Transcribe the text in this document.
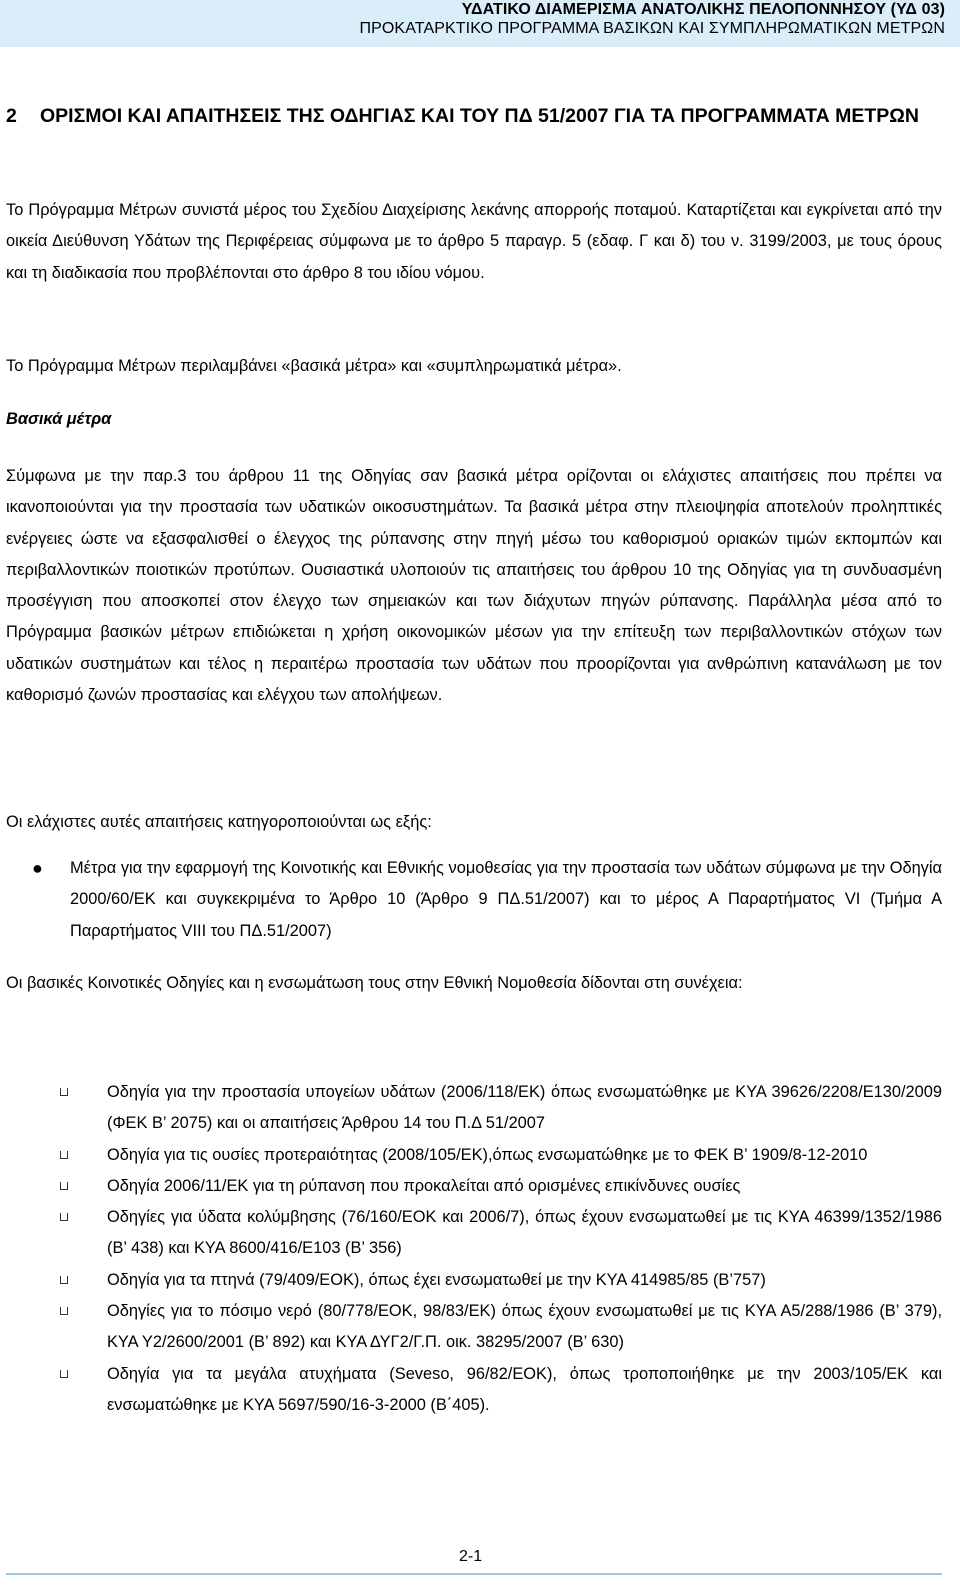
ΥΔΑΤΙΚΟ ΔΙΑΜΕΡΙΣΜΑ ΑΝΑΤΟΛΙΚΗΣ ΠΕΛΟΠΟΝΝΗΣΟΥ (ΥΔ 03)
ΠΡΟΚΑΤΑΡΚΤΙΚΟ ΠΡΟΓΡΑΜΜΑ ΒΑΣΙΚΩΝ ΚΑΙ ΣΥΜΠΛΗΡΩΜΑΤΙΚΩΝ ΜΕΤΡΩΝ
2 ΟΡΙΣΜΟΙ ΚΑΙ ΑΠΑΙΤΗΣΕΙΣ ΤΗΣ ΟΔΗΓΙΑΣ ΚΑΙ ΤΟΥ ΠΔ 51/2007 ΓΙΑ ΤΑ ΠΡΟΓΡΑΜΜΑΤΑ ΜΕΤΡΩΝ
Το Πρόγραμμα Μέτρων συνιστά μέρος του Σχεδίου Διαχείρισης λεκάνης απορροής ποταμού. Καταρτίζεται και εγκρίνεται από την οικεία Διεύθυνση Υδάτων της Περιφέρειας σύμφωνα με το άρθρο 5 παραγρ. 5 (εδαφ. Γ και δ) του ν. 3199/2003, με τους όρους και τη διαδικασία που προβλέπονται στο άρθρο 8 του ιδίου νόμου.
Το Πρόγραμμα Μέτρων περιλαμβάνει «βασικά μέτρα» και «συμπληρωματικά μέτρα».
Βασικά μέτρα
Σύμφωνα με την παρ.3 του άρθρου 11 της Οδηγίας σαν βασικά μέτρα ορίζονται οι ελάχιστες απαιτήσεις που πρέπει να ικανοποιούνται για την προστασία των υδατικών οικοσυστημάτων. Τα βασικά μέτρα στην πλειοψηφία αποτελούν προληπτικές ενέργειες ώστε να εξασφαλισθεί ο έλεγχος της ρύπανσης στην πηγή μέσω του καθορισμού οριακών τιμών εκπομπών και περιβαλλοντικών ποιοτικών προτύπων. Ουσιαστικά υλοποιούν τις απαιτήσεις του άρθρου 10 της Οδηγίας για τη συνδυασμένη προσέγγιση που αποσκοπεί στον έλεγχο των σημειακών και των διάχυτων πηγών ρύπανσης. Παράλληλα μέσα από το Πρόγραμμα βασικών μέτρων επιδιώκεται η χρήση οικονομικών μέσων για την επίτευξη των περιβαλλοντικών στόχων των υδατικών συστημάτων και τέλος η περαιτέρω προστασία των υδάτων που προορίζονται για ανθρώπινη κατανάλωση με τον καθορισμό ζωνών προστασίας και ελέγχου των απολήψεων.
Οι ελάχιστες αυτές απαιτήσεις κατηγοροποιούνται ως εξής:
● Μέτρα για την εφαρμογή της Κοινοτικής και Εθνικής νομοθεσίας για την προστασία των υδάτων σύμφωνα με την Οδηγία 2000/60/ΕΚ και συγκεκριμένα το Άρθρο 10 (Άρθρο 9 ΠΔ.51/2007) και το μέρος Α Παραρτήματος VI (Τμήμα Α Παραρτήματος VIII του ΠΔ.51/2007)
Οι βασικές Κοινοτικές Οδηγίες και η ενσωμάτωση τους στην Εθνική Νομοθεσία δίδονται στη συνέχεια:
Οδηγία για την προστασία υπογείων υδάτων (2006/118/ΕΚ) όπως ενσωματώθηκε με ΚΥΑ 39626/2208/Ε130/2009 (ΦΕΚ Β’ 2075) και οι απαιτήσεις Άρθρου 14 του Π.Δ 51/2007
Οδηγία για τις ουσίες προτεραιότητας (2008/105/ΕΚ),όπως ενσωματώθηκε με το ΦΕΚ Β’ 1909/8-12-2010
Οδηγία 2006/11/ΕΚ για τη ρύπανση που προκαλείται από ορισμένες επικίνδυνες ουσίες
Οδηγίες για ύδατα κολύμβησης (76/160/ΕΟΚ και 2006/7), όπως έχουν ενσωματωθεί με τις ΚΥΑ 46399/1352/1986 (Β’ 438) και ΚΥΑ 8600/416/Ε103 (Β’ 356)
Οδηγία για τα πτηνά (79/409/ΕΟΚ), όπως έχει ενσωματωθεί με την ΚΥΑ 414985/85 (Β’757)
Οδηγίες για το πόσιμο νερό (80/778/ΕΟΚ, 98/83/ΕΚ) όπως έχουν ενσωματωθεί με τις ΚΥΑ Α5/288/1986 (Β’ 379), ΚΥΑ Υ2/2600/2001 (Β’ 892) και ΚΥΑ ΔΥΓ2/Γ.Π. οικ. 38295/2007 (Β’ 630)
Οδηγία για τα μεγάλα ατυχήματα (Seveso, 96/82/ΕΟΚ), όπως τροποποιήθηκε με την 2003/105/ΕΚ και ενσωματώθηκε με ΚΥΑ 5697/590/16-3-2000 (Β΄405).
2-1
